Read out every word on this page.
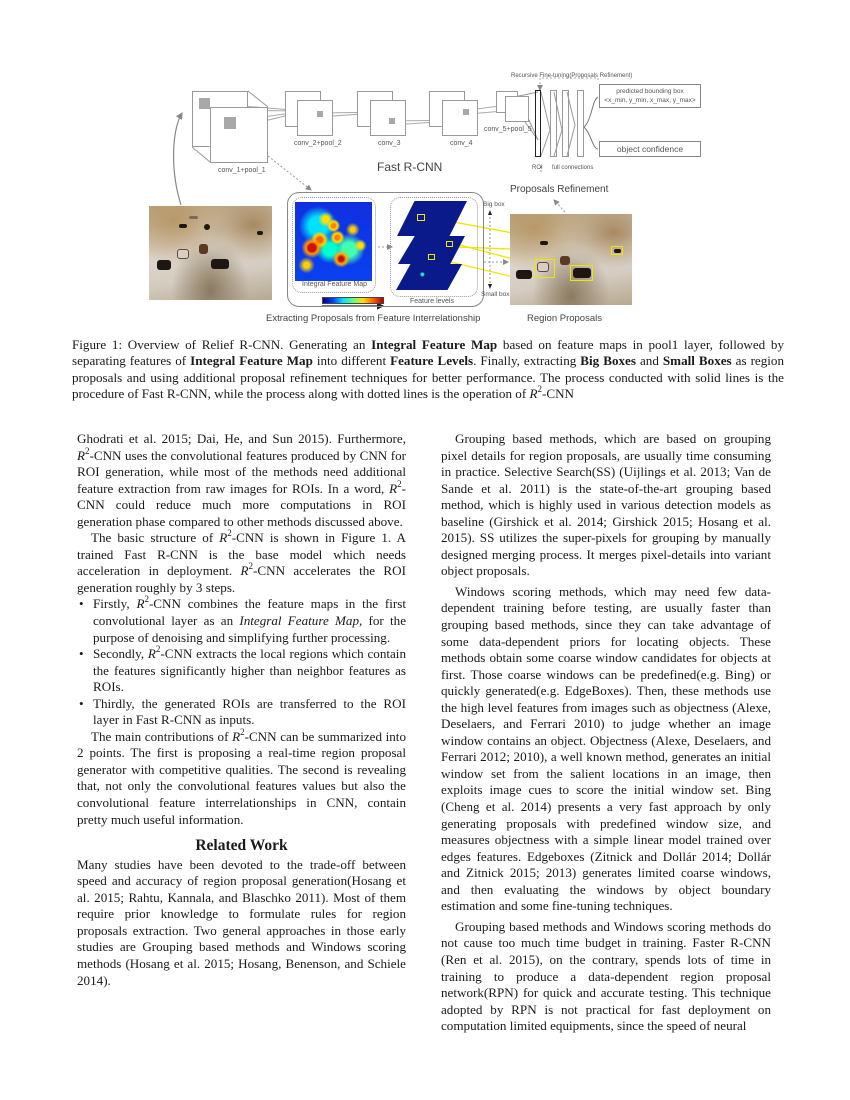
conv_1+pool_1
conv_2+pool_2	conv_3	conv_4
conv_5+pool_5
Fast R-CNN
Recursive Fine-tuning(Proposals Refinement)
ROI full connections
predicted bounding box
<x_min, y_min, x_max, y_max>
object confidence
Proposals Refinement
Integral Feature Map
Feature levels
Big box
Small box
Extracting Proposals from Feature Interrelationship	Region Proposals
Figure 1: Overview of Relief R-CNN. Generating an Integral Feature Map based on feature maps in pool1 layer, followed by separating features of Integral Feature Map into different Feature Levels. Finally, extracting Big Boxes and Small Boxes as region proposals and using additional proposal refinement techniques for better performance. The process conducted with solid lines is the procedure of Fast R-CNN, while the process along with dotted lines is the operation of $R^2$-CNN

Ghodrati et al. 2015; Dai, He, and Sun 2015). Furthermore, $R^2$-CNN uses the convolutional features produced by CNN for ROI generation, while most of the methods need additional feature extraction from raw images for ROIs. In a word, $R^2$-CNN could reduce much more computations in ROI generation phase compared to other methods discussed above.

The basic structure of $R^2$-CNN is shown in Figure 1. A trained Fast R-CNN is the base model which needs acceleration in deployment. $R^2$-CNN accelerates the ROI generation roughly by 3 steps.

• Firstly, $R^2$-CNN combines the feature maps in the first convolutional layer as an Integral Feature Map, for the purpose of denoising and simplifying further processing.

• Secondly, $R^2$-CNN extracts the local regions which contain the features significantly higher than neighbor features as ROIs.

• Thirdly, the generated ROIs are transferred to the ROI layer in Fast R-CNN as inputs.

The main contributions of $R^2$-CNN can be summarized into 2 points. The first is proposing a real-time region proposal generator with competitive qualities. The second is revealing that, not only the convolutional features values but also the convolutional feature interrelationships in CNN, contain pretty much useful information.

Related Work

Many studies have been devoted to the trade-off between speed and accuracy of region proposal generation(Hosang et al. 2015; Rahtu, Kannala, and Blaschko 2011). Most of them require prior knowledge to formulate rules for region proposals extraction. Two general approaches in those early studies are Grouping based methods and Windows scoring methods (Hosang et al. 2015; Hosang, Benenson, and Schiele 2014).

Grouping based methods, which are based on grouping pixel details for region proposals, are usually time consuming in practice. Selective Search(SS) (Uijlings et al. 2013; Van de Sande et al. 2011) is the state-of-the-art grouping based method, which is highly used in various detection models as baseline (Girshick et al. 2014; Girshick 2015; Hosang et al. 2015). SS utilizes the super-pixels for grouping by manually designed merging process. It merges pixel-details into variant object proposals.

Windows scoring methods, which may need few data-dependent training before testing, are usually faster than grouping based methods, since they can take advantage of some data-dependent priors for locating objects. These methods obtain some coarse window candidates for objects at first. Those coarse windows can be predefined(e.g. Bing) or quickly generated(e.g. EdgeBoxes). Then, these methods use the high level features from images such as objectness (Alexe, Deselaers, and Ferrari 2010) to judge whether an image window contains an object. Objectness (Alexe, Deselaers, and Ferrari 2012; 2010), a well known method, generates an initial window set from the salient locations in an image, then exploits image cues to score the initial window set. Bing (Cheng et al. 2014) presents a very fast approach by only generating proposals with predefined window size, and measures objectness with a simple linear model trained over edges features. Edgeboxes (Zitnick and Dollár 2014; Dollár and Zitnick 2015; 2013) generates limited coarse windows, and then evaluating the windows by object boundary estimation and some fine-tuning techniques.

Grouping based methods and Windows scoring methods do not cause too much time budget in training. Faster R-CNN (Ren et al. 2015), on the contrary, spends lots of time in training to produce a data-dependent region proposal network(RPN) for quick and accurate testing. This technique adopted by RPN is not practical for fast deployment on computation limited equipments, since the speed of neural
